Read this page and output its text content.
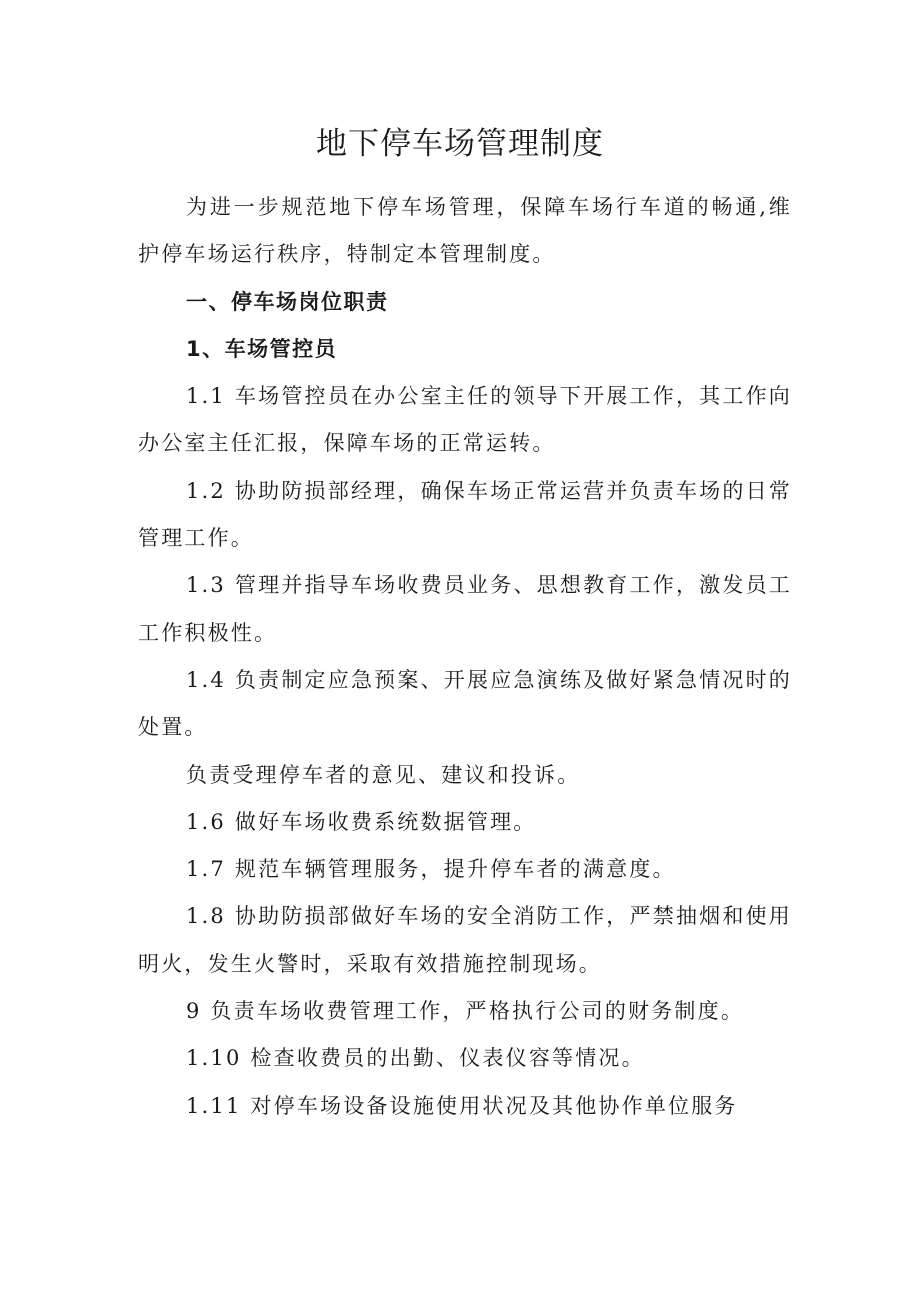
地下停车场管理制度

为进一步规范地下停车场管理，保障车场行车道的畅通,维护停车场运行秩序，特制定本管理制度。

一、停车场岗位职责

1、车场管控员

1.1 车场管控员在办公室主任的领导下开展工作，其工作向办公室主任汇报，保障车场的正常运转。

1.2 协助防损部经理，确保车场正常运营并负责车场的日常管理工作。

1.3 管理并指导车场收费员业务、思想教育工作，激发员工工作积极性。

1.4 负责制定应急预案、开展应急演练及做好紧急情况时的处置。

负责受理停车者的意见、建议和投诉。

1.6 做好车场收费系统数据管理。

1.7 规范车辆管理服务，提升停车者的满意度。

1.8 协助防损部做好车场的安全消防工作，严禁抽烟和使用明火，发生火警时，采取有效措施控制现场。

9 负责车场收费管理工作，严格执行公司的财务制度。

1.10 检查收费员的出勤、仪表仪容等情况。

1.11 对停车场设备设施使用状况及其他协作单位服务
